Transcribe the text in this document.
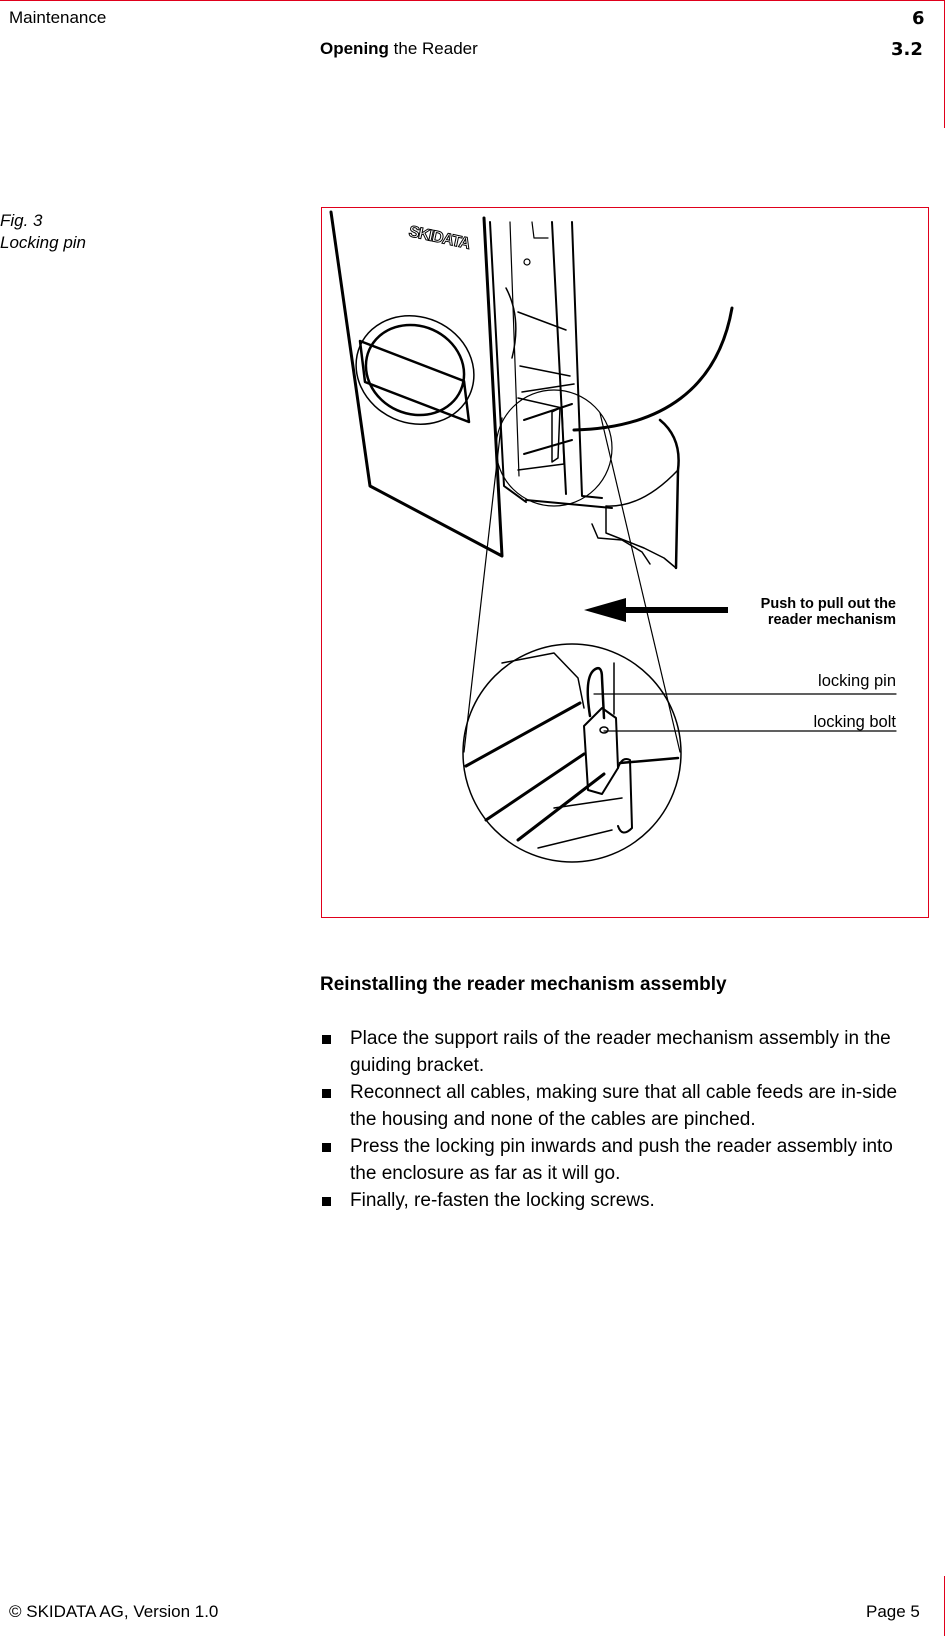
Maintenance	6
Opening the Reader	3.2
Fig. 3
Locking pin	SKIDATA
Push to pull out the
reader mechanism
locking pin
locking bolt
Reinstalling the reader mechanism assembly
Place the support rails of the reader mechanism assembly in the guiding bracket.
Reconnect all cables, making sure that all cable feeds are in-side the housing and none of the cables are pinched.
Press the locking pin inwards and push the reader assembly into the enclosure as far as it will go.
Finally, re-fasten the locking screws.
© SKIDATA AG, Version 1.0	Page 5
